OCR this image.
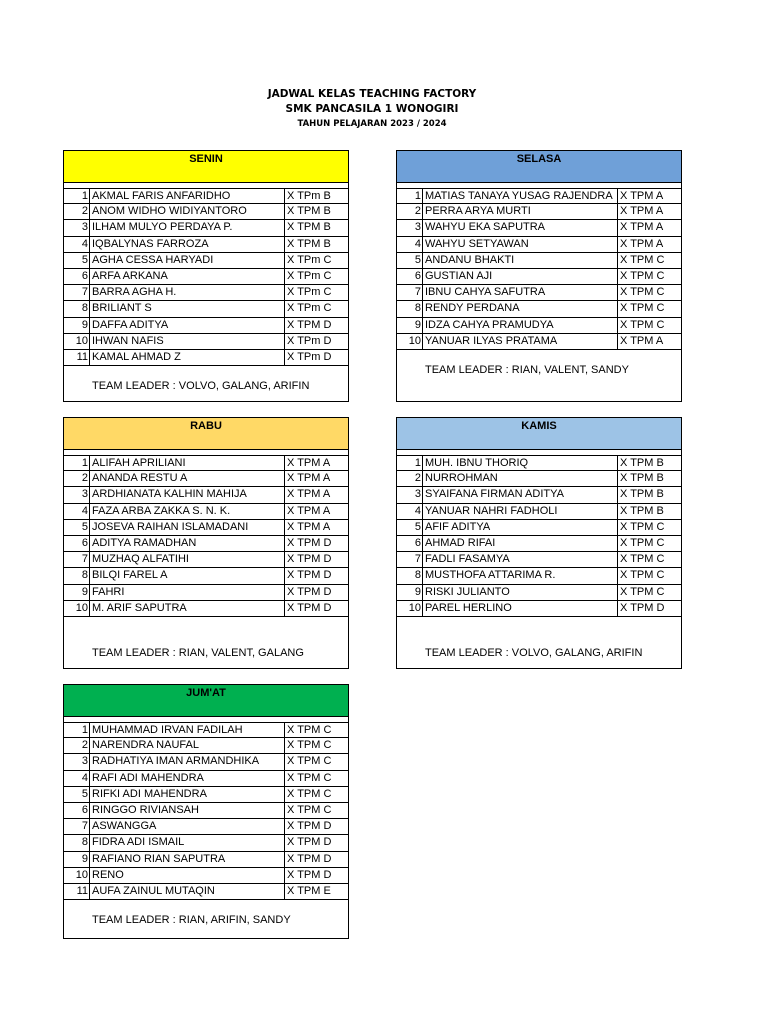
JADWAL KELAS TEACHING FACTORY
SMK PANCASILA 1 WONOGIRI
TAHUN PELAJARAN 2023 / 2024
SENIN
1 AKMAL FARIS ANFARIDHO	X TPm B
2 ANOM WIDHO WIDIYANTORO	X TPM B
3 ILHAM MULYO PERDAYA P.	X TPM B
4 IQBALYNAS FARROZA	X TPM B
5 AGHA CESSA HARYADI	X TPm C
6 ARFA ARKANA	X TPm C
7 BARRA AGHA H.	X TPm C
8 BRILIANT S	X TPm C
9 DAFFA ADITYA	X TPM D
10 IHWAN NAFIS	X TPm D
11 KAMAL AHMAD Z	X TPm D
TEAM LEADER : VOLVO, GALANG, ARIFIN
SELASA
1 MATIAS TANAYA YUSAG RAJENDRA X TPM A
2 PERRA ARYA MURTI	X TPM A
3 WAHYU EKA SAPUTRA	X TPM A
4 WAHYU SETYAWAN	X TPM A
5 ANDANU BHAKTI	X TPM C
6 GUSTIAN AJI	X TPM C
7 IBNU CAHYA SAFUTRA	X TPM C
8 RENDY PERDANA	X TPM C
9 IDZA CAHYA PRAMUDYA	X TPM C
10 YANUAR ILYAS PRATAMA	X TPM A
TEAM LEADER : RIAN, VALENT, SANDY
RABU
1 ALIFAH APRILIANI	X TPM A
2 ANANDA RESTU A	X TPM A
3 ARDHIANATA KALHIN MAHIJA	X TPM A
4 FAZA ARBA ZAKKA S. N. K.	X TPM A
5 JOSEVA RAIHAN ISLAMADANI	X TPM A
6 ADITYA RAMADHAN	X TPM D
7 MUZHAQ ALFATIHI	X TPM D
8 BILQI FAREL A	X TPM D
9 FAHRI	X TPM D
10 M. ARIF SAPUTRA	X TPM D
TEAM LEADER : RIAN, VALENT, GALANG
KAMIS
1 MUH. IBNU THORIQ	X TPM B
2 NURROHMAN	X TPM B
3 SYAIFANA FIRMAN ADITYA	X TPM B
4 YANUAR NAHRI FADHOLI	X TPM B
5 AFIF ADITYA	X TPM C
6 AHMAD RIFAI	X TPM C
7 FADLI FASAMYA	X TPM C
8 MUSTHOFA ATTARIMA R.	X TPM C
9 RISKI JULIANTO	X TPM C
10 PAREL HERLINO	X TPM D
TEAM LEADER : VOLVO, GALANG, ARIFIN
JUM'AT
1 MUHAMMAD IRVAN FADILAH	X TPM C
2 NARENDRA NAUFAL	X TPM C
3 RADHATIYA IMAN ARMANDHIKA	X TPM C
4 RAFI ADI MAHENDRA	X TPM C
5 RIFKI ADI MAHENDRA	X TPM C
6 RINGGO RIVIANSAH	X TPM C
7 ASWANGGA	X TPM D
8 FIDRA ADI ISMAIL	X TPM D
9 RAFIANO RIAN SAPUTRA	X TPM D
10 RENO	X TPM D
11 AUFA ZAINUL MUTAQIN	X TPM E
TEAM LEADER : RIAN, ARIFIN, SANDY
